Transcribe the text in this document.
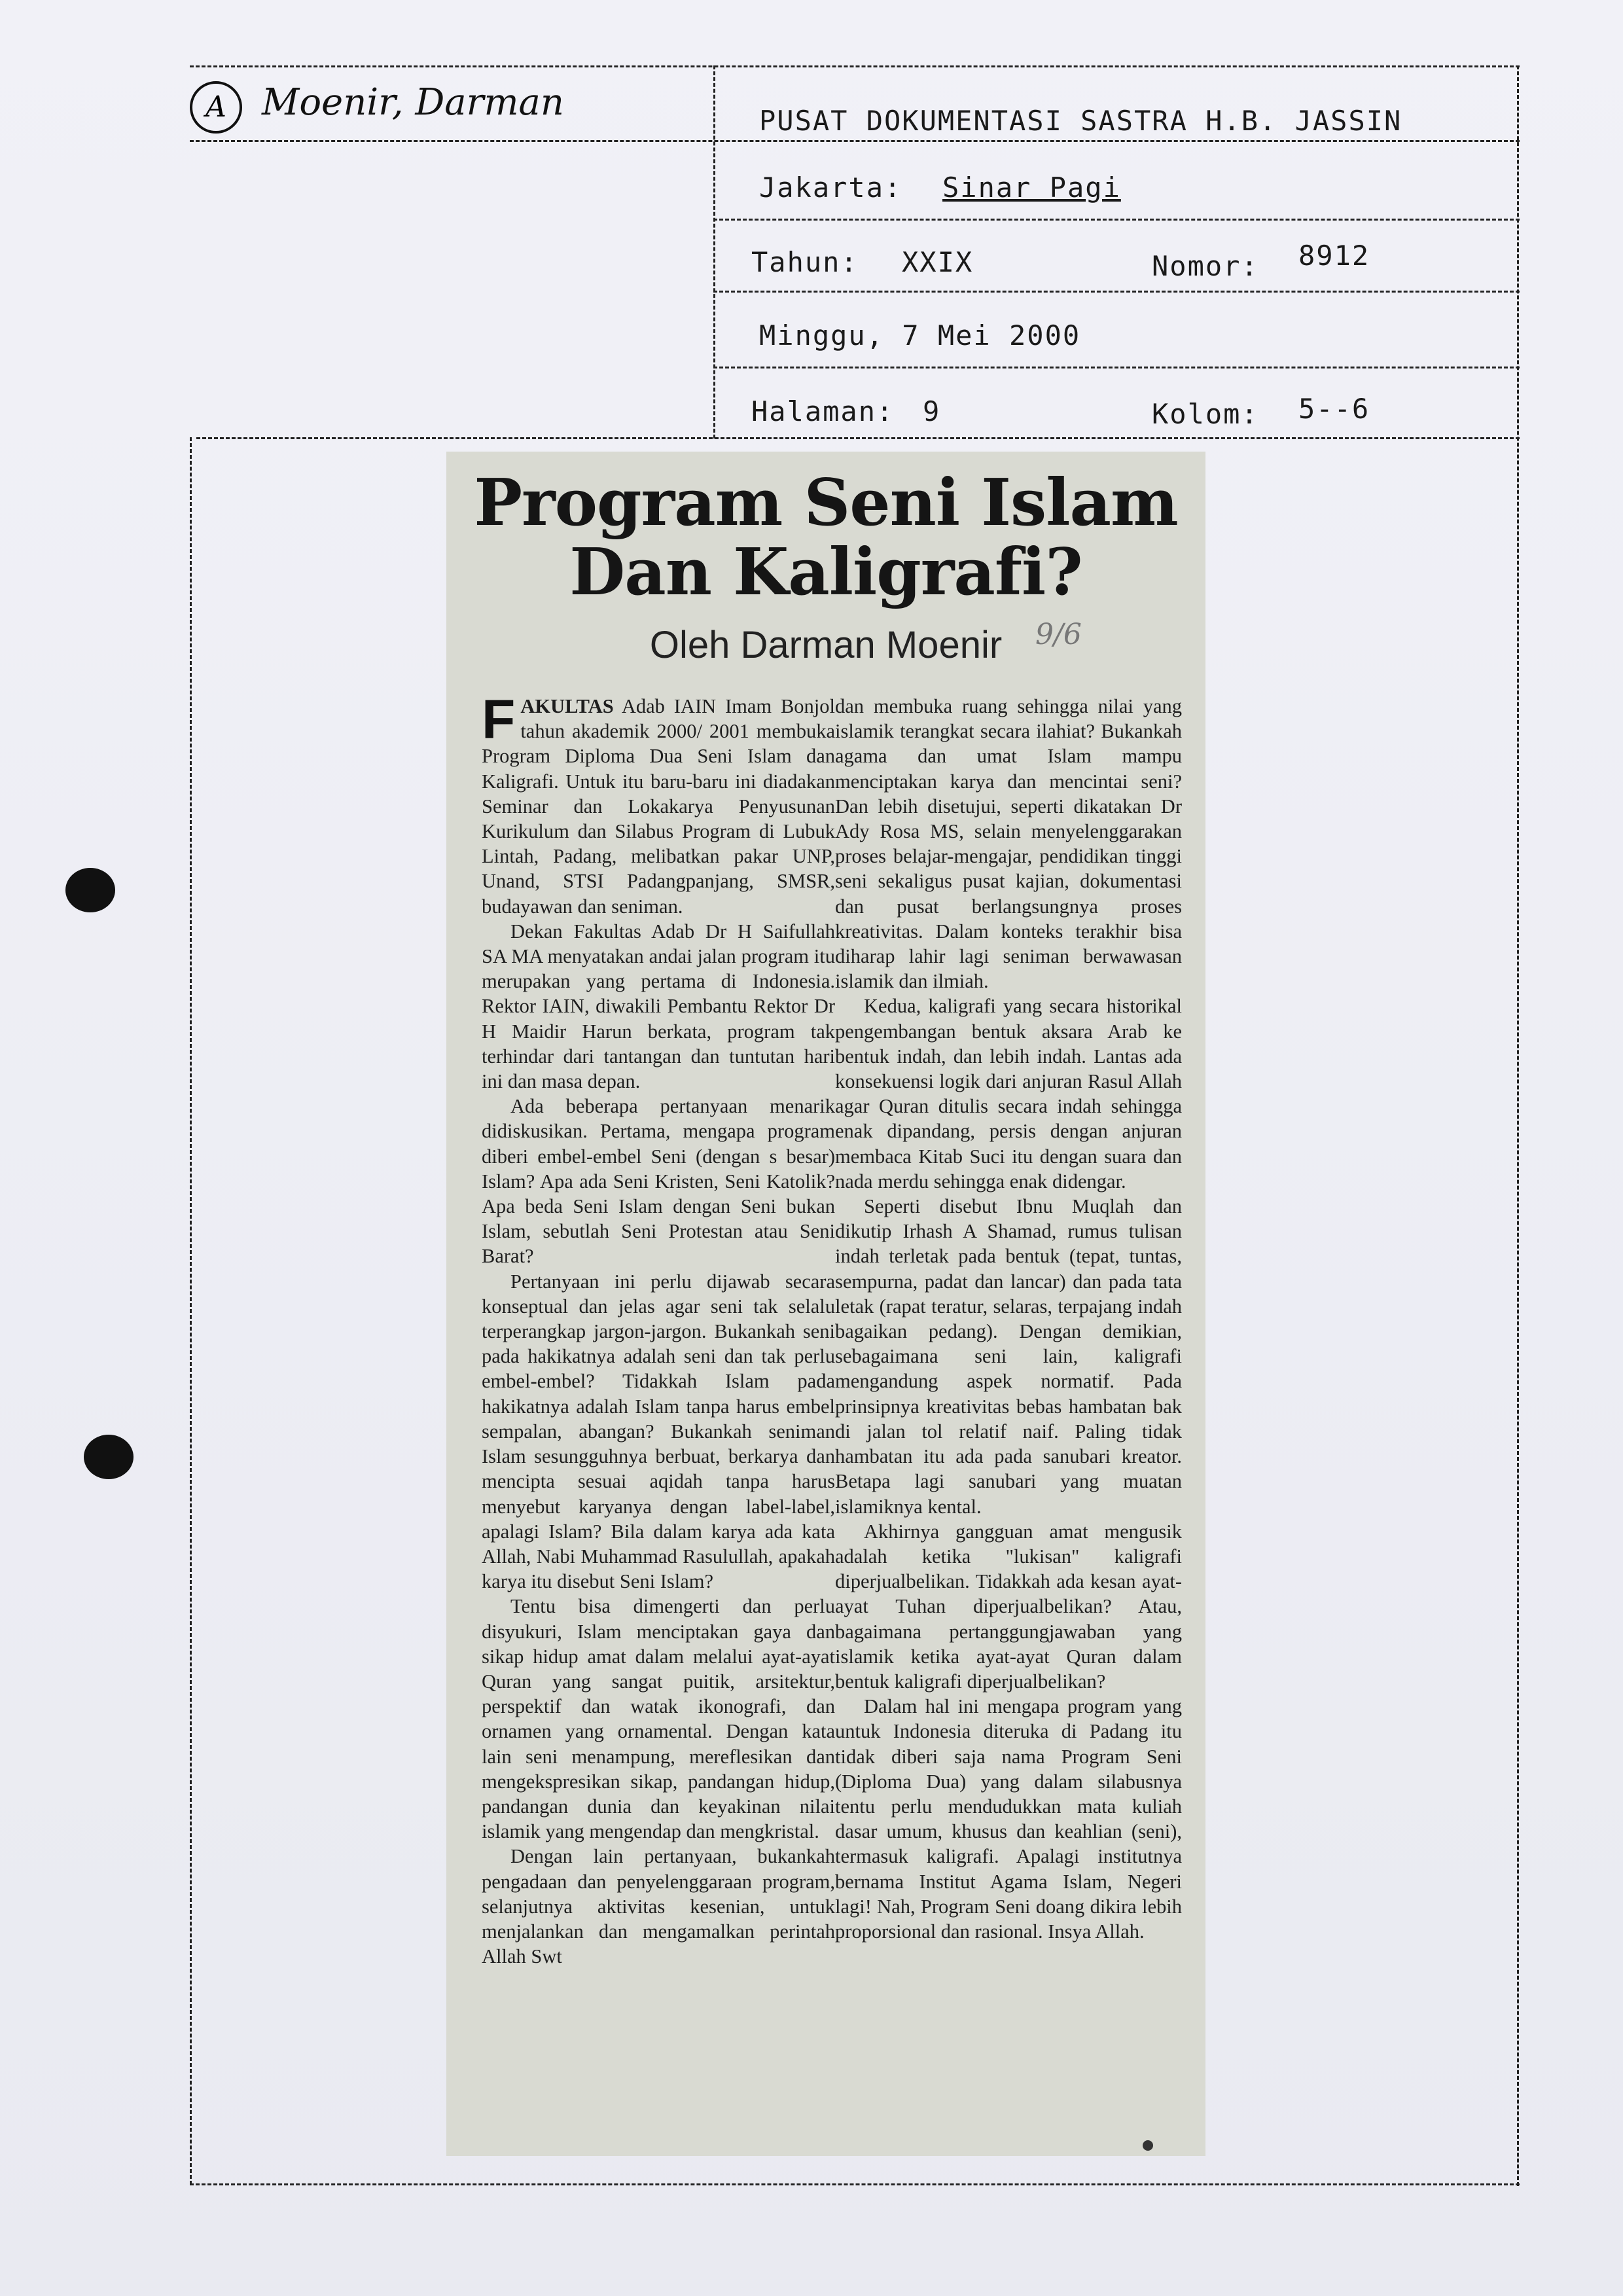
A Moenir, Darman	PUSAT DOKUMENTASI SASTRA H.B. JASSIN
Jakarta: Sinar Pagi
Tahun: XXIX	Nomor: 8912
Minggu, 7 Mei 2000
Halaman: 9	Kolom: 5--6
Program Seni Islam
Dan Kaligrafi?
Oleh Darman Moenir	9/6

FAKULTAS Adab IAIN Imam Bonjol tahun akademik 2000/ 2001 membuka Program Diploma Dua Seni Islam dan Kaligrafi. Untuk itu baru-baru ini diadakan Seminar dan Lokakarya Penyusunan Kurikulum dan Silabus Program di Lubuk Lintah, Padang, melibatkan pakar UNP, Unand, STSI Padangpanjang, SMSR, budayawan dan seniman.

Dekan Fakultas Adab Dr H Saifullah SA MA menyatakan andai jalan program itu merupakan yang pertama di Indonesia. Rektor IAIN, diwakili Pembantu Rektor Dr H Maidir Harun berkata, program tak terhindar dari tantangan dan tuntutan hari ini dan masa depan.

Ada beberapa pertanyaan menarik didiskusikan. Pertama, mengapa program diberi embel-embel Seni (dengan s besar) Islam? Apa ada Seni Kristen, Seni Katolik? Apa beda Seni Islam dengan Seni bukan Islam, sebutlah Seni Protestan atau Seni Barat?

Pertanyaan ini perlu dijawab secara konseptual dan jelas agar seni tak selalu terperangkap jargon-jargon. Bukankah seni pada hakikatnya adalah seni dan tak perlu embel-embel? Tidakkah Islam pada hakikatnya adalah Islam tanpa harus embel sempalan, abangan? Bukankah seniman Islam sesungguhnya berbuat, berkarya dan mencipta sesuai aqidah tanpa harus menyebut karyanya dengan label-label, apalagi Islam? Bila dalam karya ada kata Allah, Nabi Muhammad Rasulullah, apakah karya itu disebut Seni Islam?

Tentu bisa dimengerti dan perlu disyukuri, Islam menciptakan gaya dan sikap hidup amat dalam melalui ayat-ayat Quran yang sangat puitik, arsitektur, perspektif dan watak ikonografi, dan ornamen yang ornamental. Dengan kata lain seni menampung, mereflesikan dan mengekspresikan sikap, pandangan hidup, pandangan dunia dan keyakinan nilai islamik yang mengendap dan mengkristal.

Dengan lain pertanyaan, bukankah pengadaan dan penyelenggaraan program, selanjutnya aktivitas kesenian, untuk menjalankan dan mengamalkan perintah Allah Swt

dan membuka ruang sehingga nilai yang islamik terangkat secara ilahiat? Bukankah agama dan umat Islam mampu menciptakan karya dan mencintai seni? Dan lebih disetujui, seperti dikatakan Dr Ady Rosa MS, selain menyelenggarakan proses belajar-mengajar, pendidikan tinggi seni sekaligus pusat kajian, dokumentasi dan pusat berlangsungnya proses kreativitas. Dalam konteks terakhir bisa diharap lahir lagi seniman berwawasan islamik dan ilmiah.

Kedua, kaligrafi yang secara historikal pengembangan bentuk aksara Arab ke bentuk indah, dan lebih indah. Lantas ada konsekuensi logik dari anjuran Rasul Allah agar Quran ditulis secara indah sehingga enak dipandang, persis dengan anjuran membaca Kitab Suci itu dengan suara dan nada merdu sehingga enak didengar.

Seperti disebut Ibnu Muqlah dan dikutip Irhash A Shamad, rumus tulisan indah terletak pada bentuk (tepat, tuntas, sempurna, padat dan lancar) dan pada tata letak (rapat teratur, selaras, terpajang indah bagaikan pedang). Dengan demikian, sebagaimana seni lain, kaligrafi mengandung aspek normatif. Pada prinsipnya kreativitas bebas hambatan bak di jalan tol relatif naif. Paling tidak hambatan itu ada pada sanubari kreator. Betapa lagi sanubari yang muatan islamiknya kental.

Akhirnya gangguan amat mengusik adalah ketika "lukisan" kaligrafi diperjualbelikan. Tidakkah ada kesan ayat-ayat Tuhan diperjualbelikan? Atau, bagaimana pertanggungjawaban yang islamik ketika ayat-ayat Quran dalam bentuk kaligrafi diperjualbelikan?

Dalam hal ini mengapa program yang untuk Indonesia diteruka di Padang itu tidak diberi saja nama Program Seni (Diploma Dua) yang dalam silabusnya tentu perlu mendudukkan mata kuliah dasar umum, khusus dan keahlian (seni), termasuk kaligrafi. Apalagi institutnya bernama Institut Agama Islam, Negeri lagi! Nah, Program Seni doang dikira lebih proporsional dan rasional. Insya Allah.
